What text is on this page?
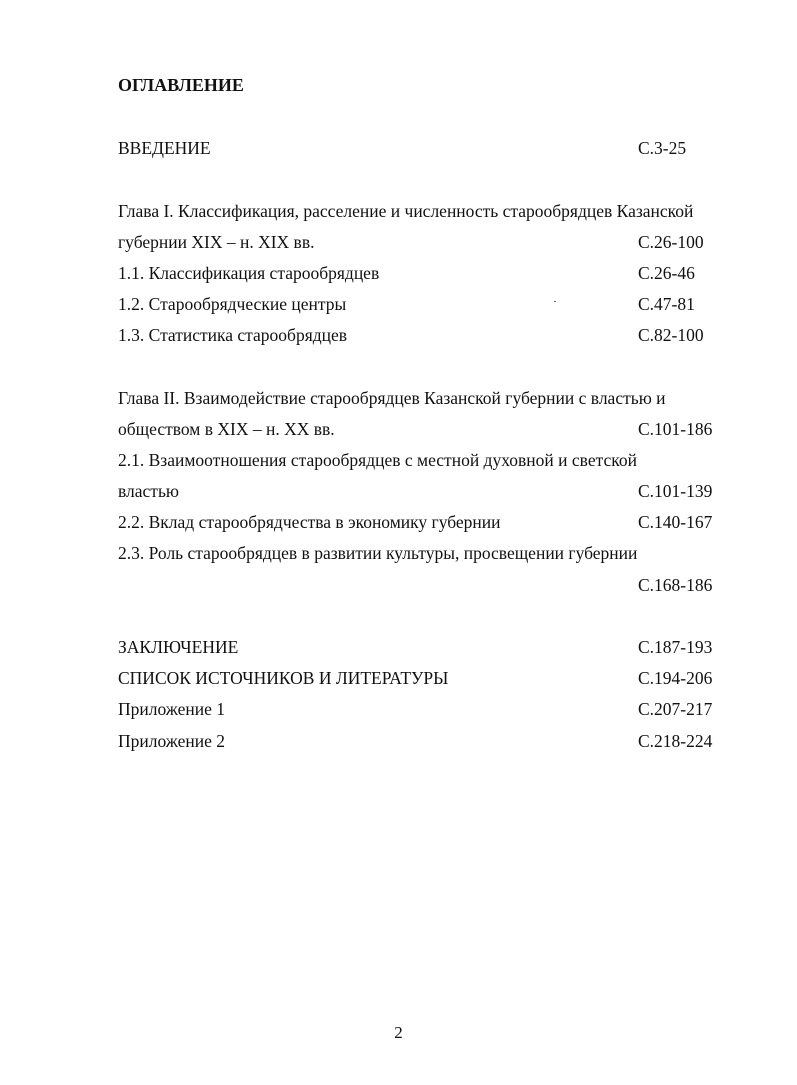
ОГЛАВЛЕНИЕ
ВВЕДЕНИЕ	С.3-25
Глава I. Классификация, расселение и численность старообрядцев Казанской
губернии XIX – н. XIX вв.	С.26-100
1.1. Классификация старообрядцев	С.26-46
1.2. Старообрядческие центры	С.47-81
1.3. Статистика старообрядцев	С.82-100
Глава II. Взаимодействие старообрядцев Казанской губернии с властью и
обществом в XIX – н. XX вв.	С.101-186
2.1. Взаимоотношения старообрядцев с местной духовной и светской
властью	С.101-139
2.2. Вклад старообрядчества в экономику губернии	С.140-167
2.3. Роль старообрядцев в развитии культуры, просвещении губернии
С.168-186
ЗАКЛЮЧЕНИЕ	С.187-193
СПИСОК ИСТОЧНИКОВ И ЛИТЕРАТУРЫ	С.194-206
Приложение 1	С.207-217
Приложение 2	С.218-224
2
